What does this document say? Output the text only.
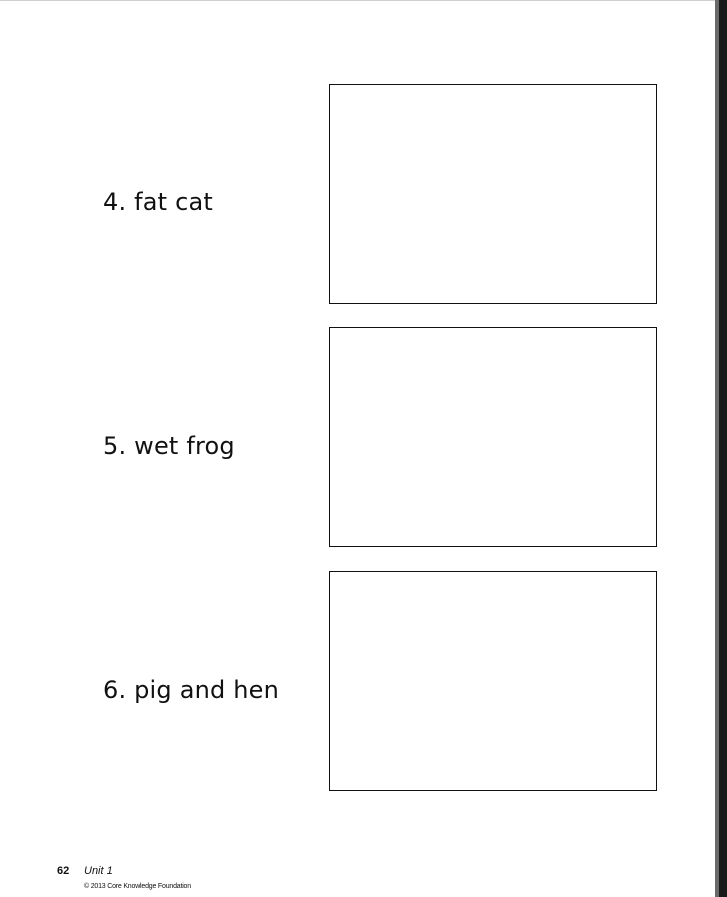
4. fat cat
5. wet frog
6. pig and hen
62 Unit 1
© 2013 Core Knowledge Foundation
